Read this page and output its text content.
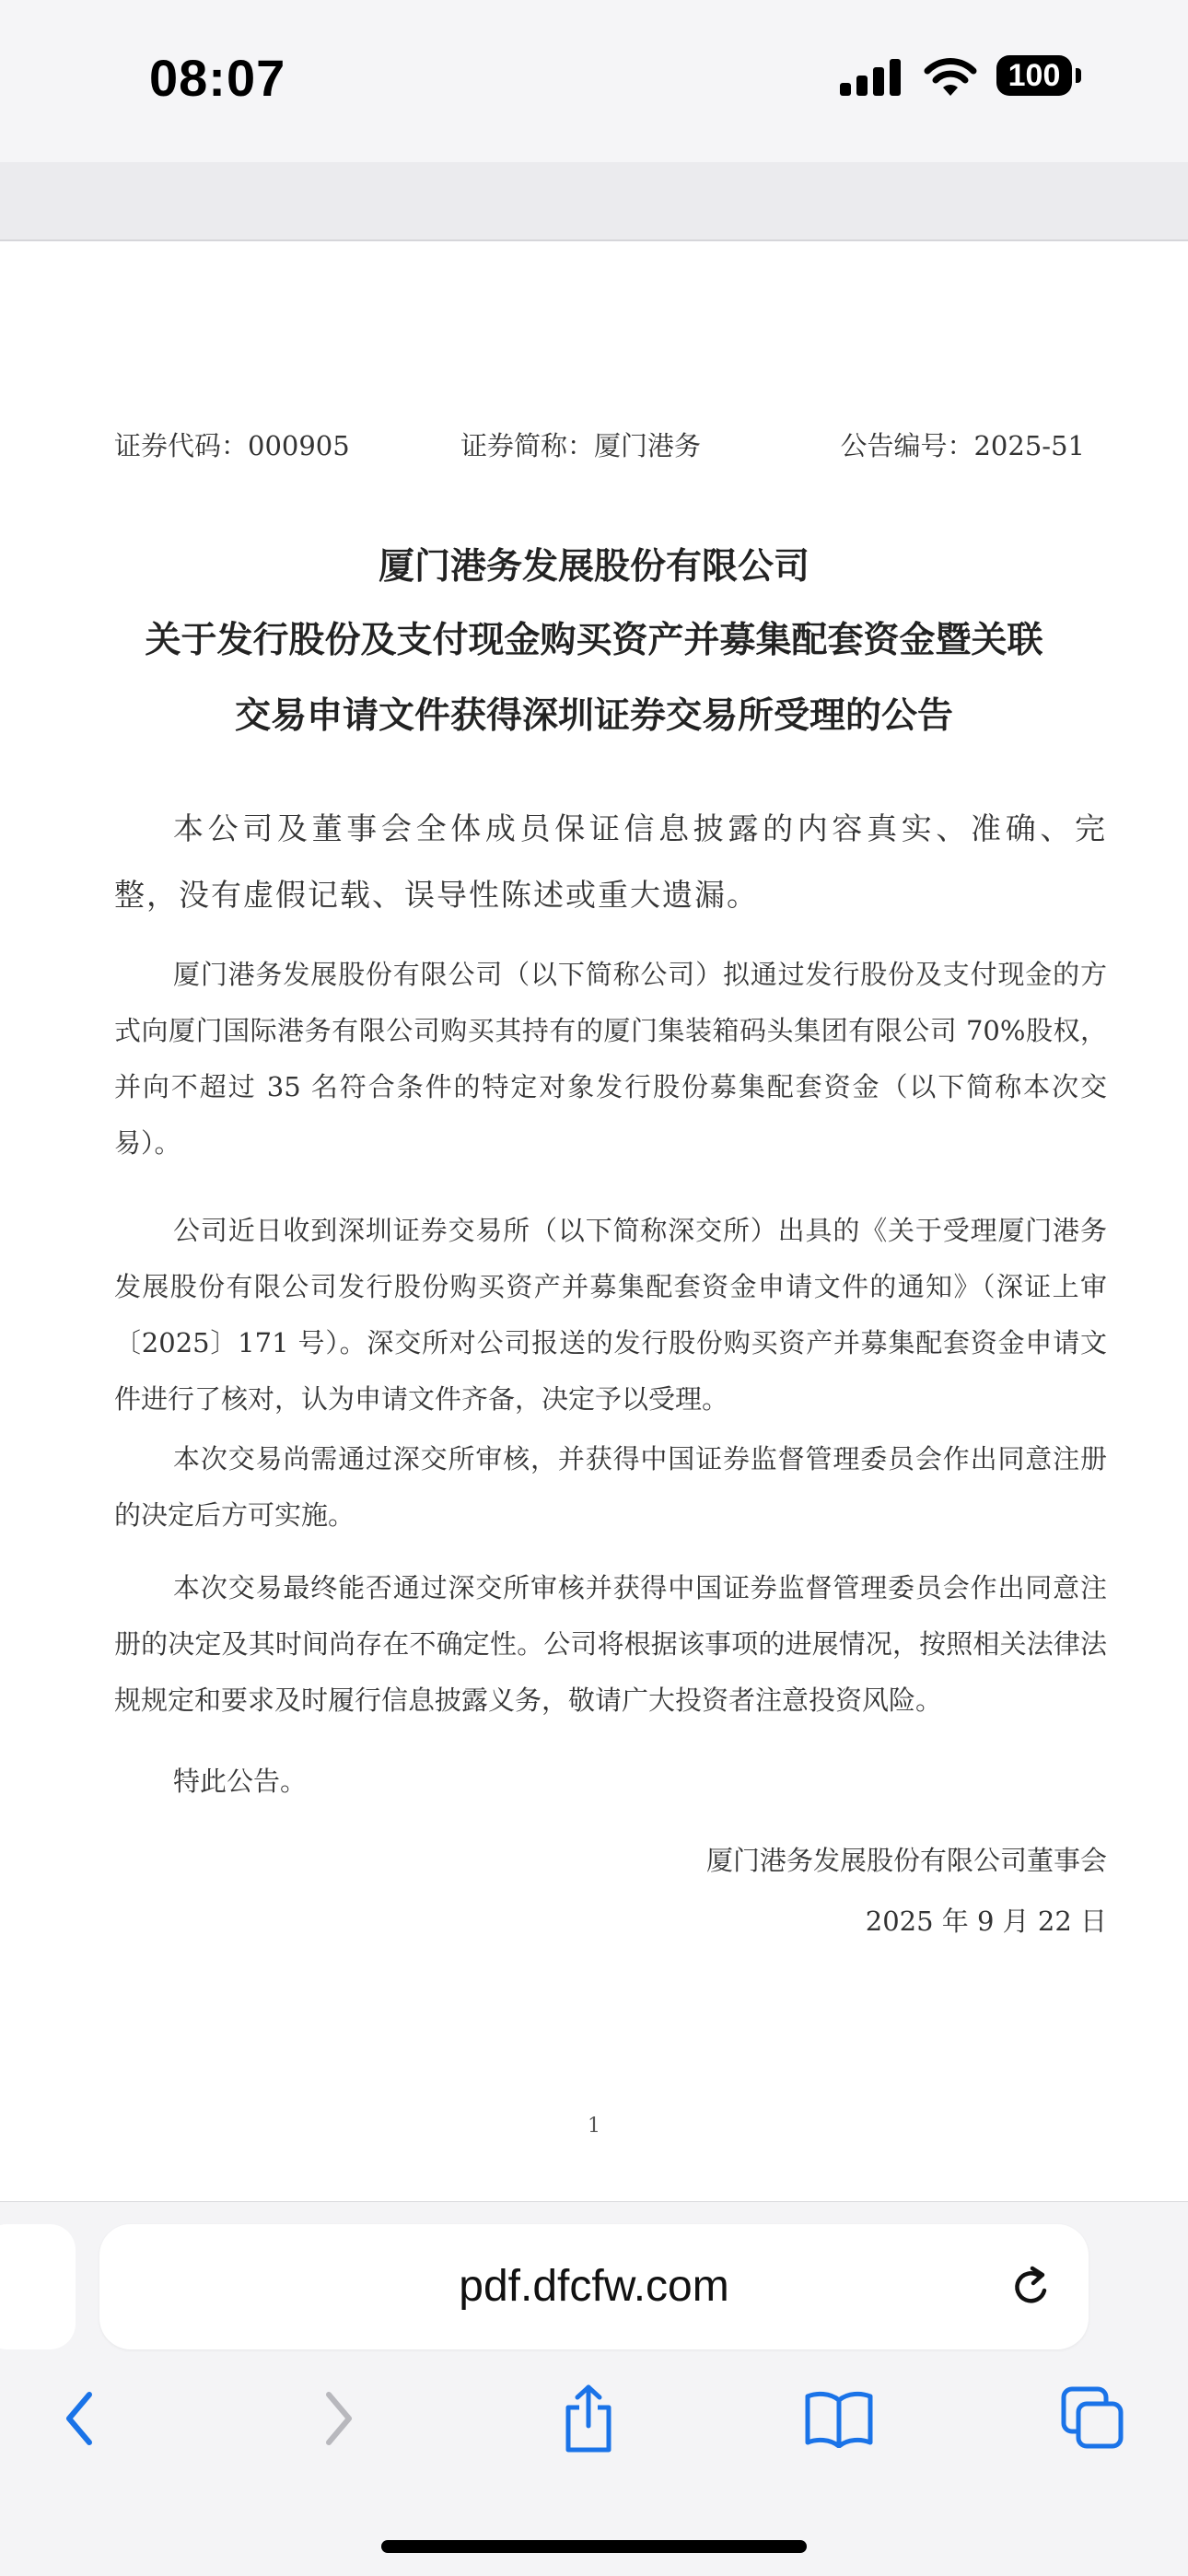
08:07	100
证券代码：000905	证券简称：厦门港务	公告编号：2025-51
厦门港务发展股份有限公司
关于发行股份及支付现金购买资产并募集配套资金暨关联
交易申请文件获得深圳证券交易所受理的公告
本公司及董事会全体成员保证信息披露的内容真实、准确、完整，没有虚假记载、误导性陈述或重大遗漏。
厦门港务发展股份有限公司（以下简称公司）拟通过发行股份及支付现金的方式向厦门国际港务有限公司购买其持有的厦门集装箱码头集团有限公司 70%股权，并向不超过 35 名符合条件的特定对象发行股份募集配套资金（以下简称本次交易）。
公司近日收到深圳证券交易所（以下简称深交所）出具的《关于受理厦门港务发展股份有限公司发行股份购买资产并募集配套资金申请文件的通知》（深证上审〔2025〕171 号）。深交所对公司报送的发行股份购买资产并募集配套资金申请文件进行了核对，认为申请文件齐备，决定予以受理。
本次交易尚需通过深交所审核，并获得中国证券监督管理委员会作出同意注册的决定后方可实施。
本次交易最终能否通过深交所审核并获得中国证券监督管理委员会作出同意注册的决定及其时间尚存在不确定性。公司将根据该事项的进展情况，按照相关法律法规规定和要求及时履行信息披露义务，敬请广大投资者注意投资风险。
特此公告。
厦门港务发展股份有限公司董事会
2025 年 9 月 22 日
1
pdf.dfcfw.com
